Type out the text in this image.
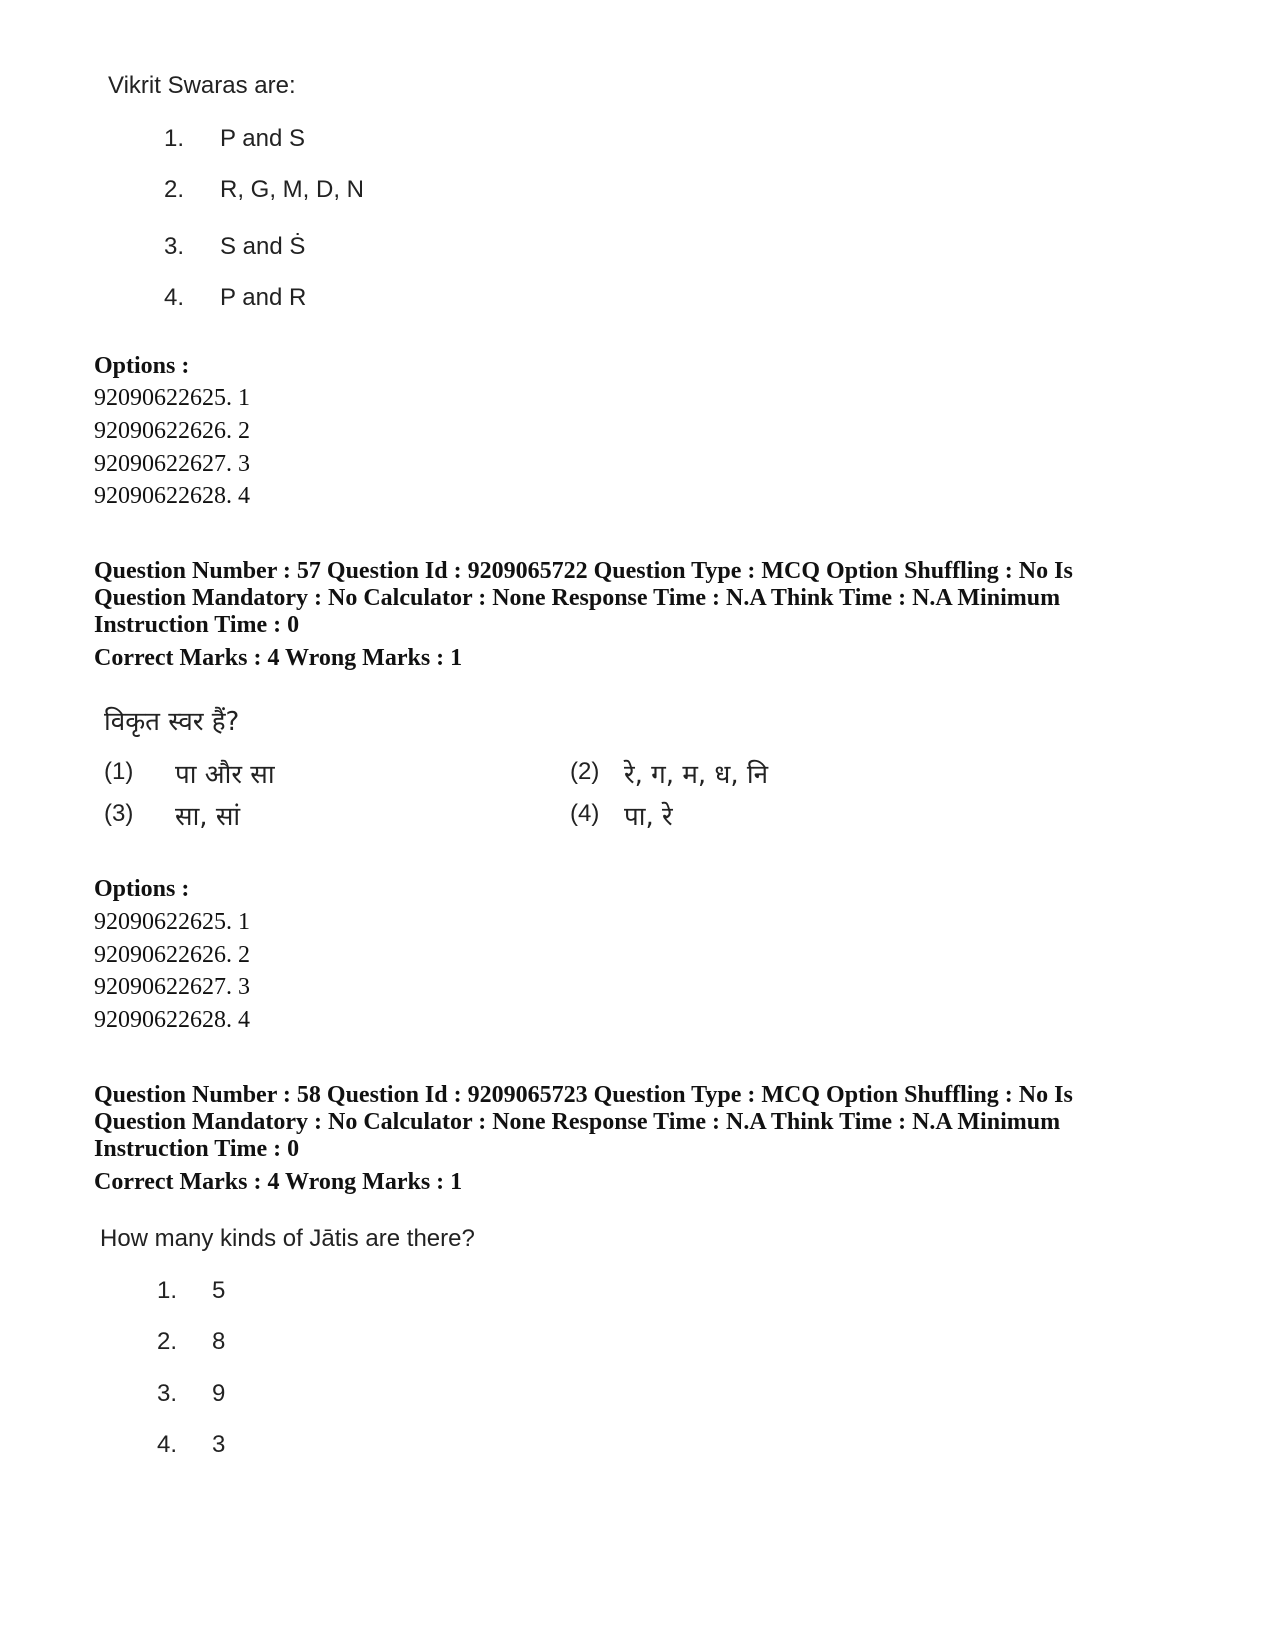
Vikrit Swaras are:
1. P and S
2. R, G, M, D, N
3. S and Ṡ
4. P and R
Options :
92090622625. 1
92090622626. 2
92090622627. 3
92090622628. 4
Question Number : 57 Question Id : 9209065722 Question Type : MCQ Option Shuffling : No Is
Question Mandatory : No Calculator : None Response Time : N.A Think Time : N.A Minimum
Instruction Time : 0
Correct Marks : 4 Wrong Marks : 1
विकृत स्वर हैं?
(1) पा और सा	(2) रे, ग, म, ध, नि
(3) सा, सां	(4) पा, रे
Options :
92090622625. 1
92090622626. 2
92090622627. 3
92090622628. 4
Question Number : 58 Question Id : 9209065723 Question Type : MCQ Option Shuffling : No Is
Question Mandatory : No Calculator : None Response Time : N.A Think Time : N.A Minimum
Instruction Time : 0
Correct Marks : 4 Wrong Marks : 1
How many kinds of Jātis are there?
1. 5
2. 8
3. 9
4. 3
